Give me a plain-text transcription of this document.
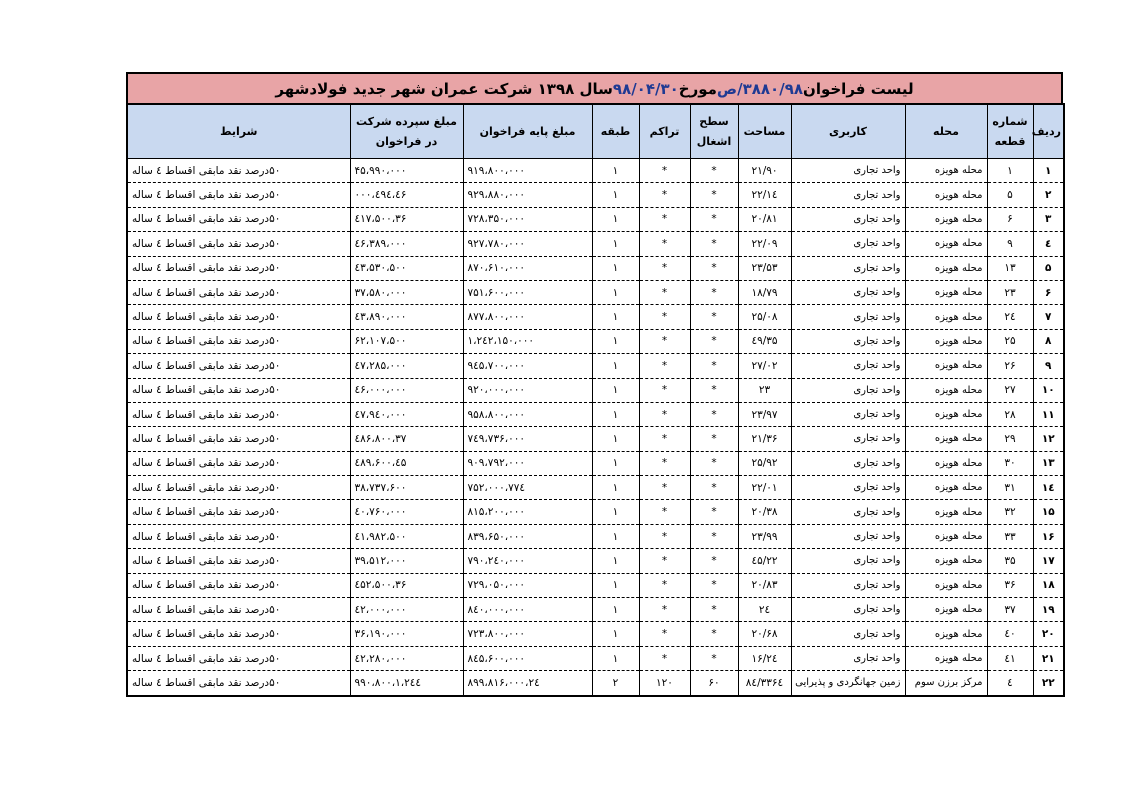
لیست فراخوان
۳۸۸۰/۹۸/ص
مورخ
۹۸/۰۴/۳۰
سال ۱۳۹۸ شرکت عمران شهر جدید فولادشهر
ردیف	شماره قطعه	محله	کاربری	مساحت	سطح اشغال	تراکم	طبقه	مبلغ پایه فراخوان	مبلغ سپرده شرکت در فراخوان	شرایط
۱	۱	محله هویزه	واحد تجاری	۲۱/۹۰	*	*	۱	۹۱۹،۸۰۰،۰۰۰	۴۵،۹۹۰،۰۰۰	۵۰درصد نقد مابقی اقساط ٤ ساله
۲	۵	محله هویزه	واحد تجاری	۲۲/۱٤	*	*	۱	۹۲۹،۸۸۰،۰۰۰	٤۶،٤۹٤،۰۰۰	۵۰درصد نقد مابقی اقساط ٤ ساله
۳	۶	محله هویزه	واحد تجاری	۲۰/۸۱	*	*	۱	۷۲۸،۳۵۰،۰۰۰	۳۶،٤۱۷،۵۰۰	۵۰درصد نقد مابقی اقساط ٤ ساله
٤	۹	محله هویزه	واحد تجاری	۲۲/۰۹	*	*	۱	۹۲۷،۷۸۰،۰۰۰	٤۶،۳۸۹،۰۰۰	۵۰درصد نقد مابقی اقساط ٤ ساله
۵	۱۳	محله هویزه	واحد تجاری	۲۳/۵۳	*	*	۱	۸۷۰،۶۱۰،۰۰۰	٤۳،۵۳۰،۵۰۰	۵۰درصد نقد مابقی اقساط ٤ ساله
۶	۲۳	محله هویزه	واحد تجاری	۱۸/۷۹	*	*	۱	۷۵۱،۶۰۰،۰۰۰	۳۷،۵۸۰،۰۰۰	۵۰درصد نقد مابقی اقساط ٤ ساله
۷	۲٤	محله هویزه	واحد تجاری	۲۵/۰۸	*	*	۱	۸۷۷،۸۰۰،۰۰۰	٤۳،۸۹۰،۰۰۰	۵۰درصد نقد مابقی اقساط ٤ ساله
۸	۲۵	محله هویزه	واحد تجاری	۳۵/٤۹	*	*	۱	۱،۲٤۲،۱۵۰،۰۰۰	۶۲،۱۰۷،۵۰۰	۵۰درصد نقد مابقی اقساط ٤ ساله
۹	۲۶	محله هویزه	واحد تجاری	۲۷/۰۲	*	*	۱	۹٤۵،۷۰۰،۰۰۰	٤۷،۲۸۵،۰۰۰	۵۰درصد نقد مابقی اقساط ٤ ساله
۱۰	۲۷	محله هویزه	واحد تجاری	۲۳	*	*	۱	۹۲۰،۰۰۰،۰۰۰	٤۶،۰۰۰،۰۰۰	۵۰درصد نقد مابقی اقساط ٤ ساله
۱۱	۲۸	محله هویزه	واحد تجاری	۲۳/۹۷	*	*	۱	۹۵۸،۸۰۰،۰۰۰	٤۷،۹٤۰،۰۰۰	۵۰درصد نقد مابقی اقساط ٤ ساله
۱۲	۲۹	محله هویزه	واحد تجاری	۲۱/۳۶	*	*	۱	۷٤۹،۷۳۶،۰۰۰	۳۷،٤۸۶،۸۰۰	۵۰درصد نقد مابقی اقساط ٤ ساله
۱۳	۳۰	محله هویزه	واحد تجاری	۲۵/۹۲	*	*	۱	۹۰۹،۷۹۲،۰۰۰	٤۵،٤۸۹،۶۰۰	۵۰درصد نقد مابقی اقساط ٤ ساله
۱٤	۳۱	محله هویزه	واحد تجاری	۲۲/۰۱	*	*	۱	۷۷٤،۷۵۲،۰۰۰	۳۸،۷۳۷،۶۰۰	۵۰درصد نقد مابقی اقساط ٤ ساله
۱۵	۳۲	محله هویزه	واحد تجاری	۲۰/۳۸	*	*	۱	۸۱۵،۲۰۰،۰۰۰	٤۰،۷۶۰،۰۰۰	۵۰درصد نقد مابقی اقساط ٤ ساله
۱۶	۳۳	محله هویزه	واحد تجاری	۲۳/۹۹	*	*	۱	۸۳۹،۶۵۰،۰۰۰	٤۱،۹۸۲،۵۰۰	۵۰درصد نقد مابقی اقساط ٤ ساله
۱۷	۳۵	محله هویزه	واحد تجاری	۲۲/٤۵	*	*	۱	۷۹۰،۲٤۰،۰۰۰	۳۹،۵۱۲،۰۰۰	۵۰درصد نقد مابقی اقساط ٤ ساله
۱۸	۳۶	محله هویزه	واحد تجاری	۲۰/۸۳	*	*	۱	۷۲۹،۰۵۰،۰۰۰	۳۶،٤۵۲،۵۰۰	۵۰درصد نقد مابقی اقساط ٤ ساله
۱۹	۳۷	محله هویزه	واحد تجاری	۲٤	*	*	۱	۸٤۰،۰۰۰،۰۰۰	٤۲،۰۰۰،۰۰۰	۵۰درصد نقد مابقی اقساط ٤ ساله
۲۰	٤۰	محله هویزه	واحد تجاری	۲۰/۶۸	*	*	۱	۷۲۳،۸۰۰،۰۰۰	۳۶،۱۹۰،۰۰۰	۵۰درصد نقد مابقی اقساط ٤ ساله
۲۱	٤۱	محله هویزه	واحد تجاری	۲٤/۱۶	*	*	۱	۸٤۵،۶۰۰،۰۰۰	٤۲،۲۸۰،۰۰۰	۵۰درصد نقد مابقی اقساط ٤ ساله
۲۲	٤	مرکز برزن سوم	زمین جهانگردی و پذیرایی	۳۳۶٤/۸٤	۶۰	۱۲۰	۲	۲٤،۸۹۹،۸۱۶،۰۰۰	۱،۲٤٤،۹۹۰،۸۰۰	۵۰درصد نقد مابقی اقساط ٤ ساله
